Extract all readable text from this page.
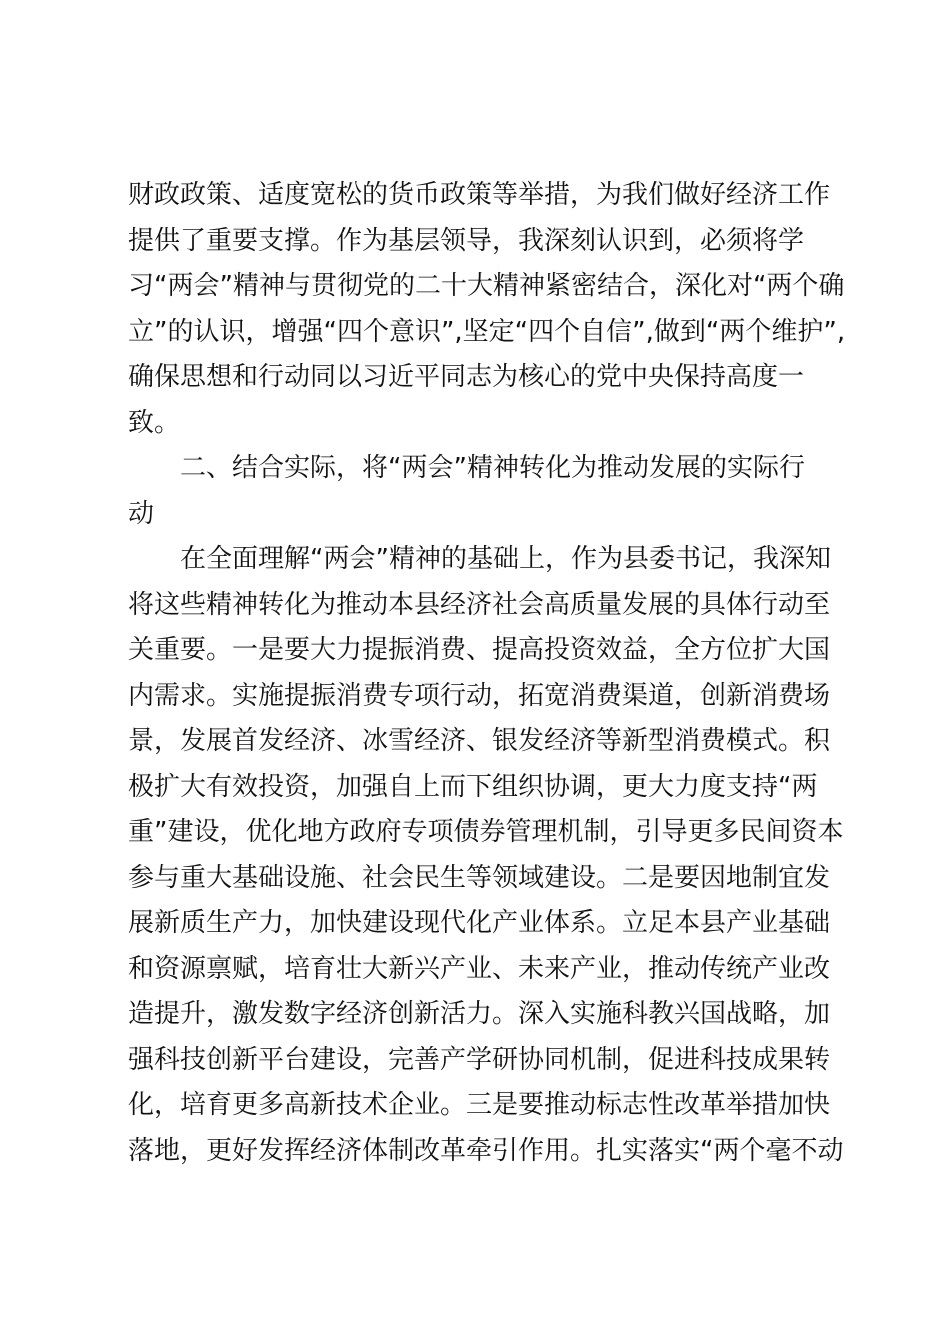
财政政策、适度宽松的货币政策等举措，为我们做好经济工作
提供了重要支撑。作为基层领导，我深刻认识到，必须将学
习“两会”精神与贯彻党的二十大精神紧密结合，深化对“两个确
立”的认识，增强“四个意识”,坚定“四个自信”,做到“两个维护”,
确保思想和行动同以习近平同志为核心的党中央保持高度一
致。
二、结合实际，将“两会”精神转化为推动发展的实际行
动
在全面理解“两会”精神的基础上，作为县委书记，我深知
将这些精神转化为推动本县经济社会高质量发展的具体行动至
关重要。一是要大力提振消费、提高投资效益，全方位扩大国
内需求。实施提振消费专项行动，拓宽消费渠道，创新消费场
景，发展首发经济、冰雪经济、银发经济等新型消费模式。积
极扩大有效投资，加强自上而下组织协调，更大力度支持“两
重”建设，优化地方政府专项债券管理机制，引导更多民间资本
参与重大基础设施、社会民生等领域建设。二是要因地制宜发
展新质生产力，加快建设现代化产业体系。立足本县产业基础
和资源禀赋，培育壮大新兴产业、未来产业，推动传统产业改
造提升，激发数字经济创新活力。深入实施科教兴国战略，加
强科技创新平台建设，完善产学研协同机制，促进科技成果转
化，培育更多高新技术企业。三是要推动标志性改革举措加快
落地，更好发挥经济体制改革牵引作用。扎实落实“两个毫不动
